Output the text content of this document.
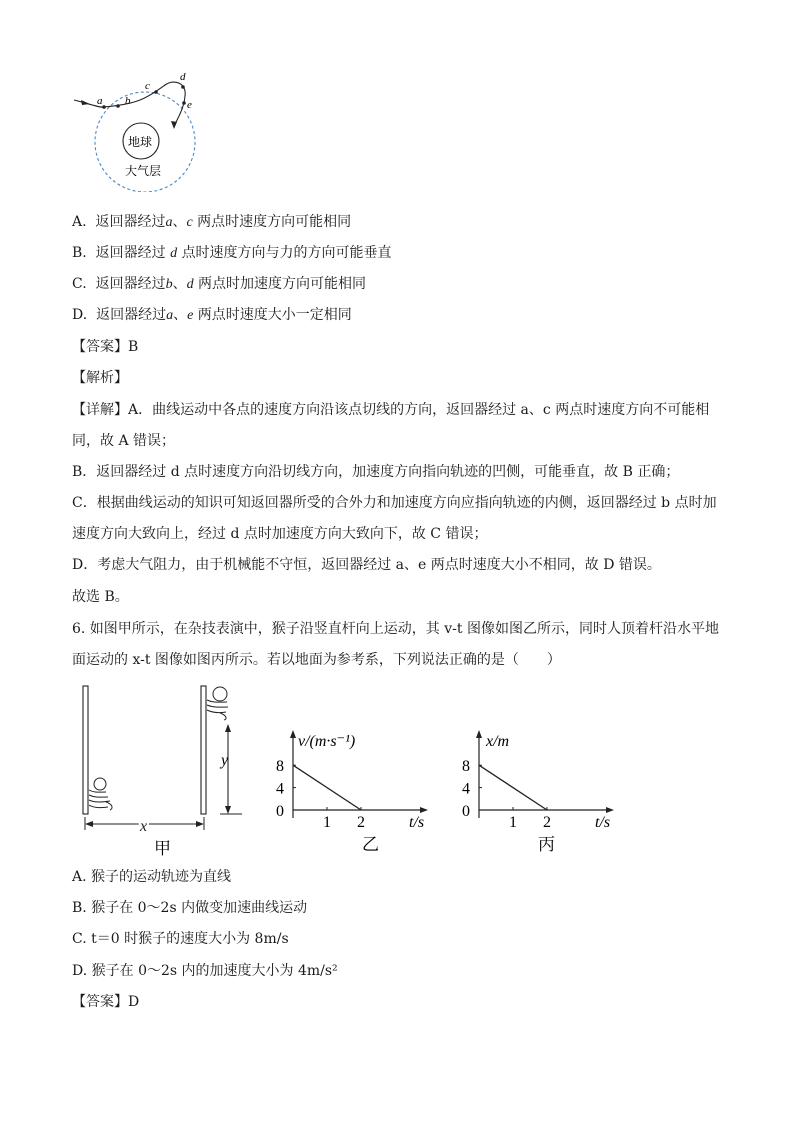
a b
c
d
e
地球
大气层
A. 返回器经过a、c 两点时速度方向可能相同
B. 返回器经过 d 点时速度方向与力的方向可能垂直
C. 返回器经过b、d 两点时加速度方向可能相同
D. 返回器经过a、e 两点时速度大小一定相同
【答案】B
【解析】
【详解】A．曲线运动中各点的速度方向沿该点切线的方向，返回器经过 a、c 两点时速度方向不可能相
同，故 A 错误；
B．返回器经过 d 点时速度方向沿切线方向，加速度方向指向轨迹的凹侧，可能垂直，故 B 正确；
C．根据曲线运动的知识可知返回器所受的合外力和加速度方向应指向轨迹的内侧，返回器经过 b 点时加
速度方向大致向上，经过 d 点时加速度方向大致向下，故 C 错误；
D．考虑大气阻力，由于机械能不守恒，返回器经过 a、e 两点时速度大小不相同，故 D 错误。
故选 B。
6. 如图甲所示，在杂技表演中，猴子沿竖直杆向上运动，其 v-t 图像如图乙所示，同时人顶着杆沿水平地
面运动的 x-t 图像如图丙所示。若以地面为参考系，下列说法正确的是（　　）
y
x
甲
v/(m·s⁻¹)
t/s
乙
8
4
0
1 2
x/m
t/s
丙
8
4
0
1 2
A. 猴子的运动轨迹为直线
B. 猴子在 0～2s 内做变加速曲线运动
C. t＝0 时猴子的速度大小为 8m/s
D. 猴子在 0～2s 内的加速度大小为 4m/s²
【答案】D
